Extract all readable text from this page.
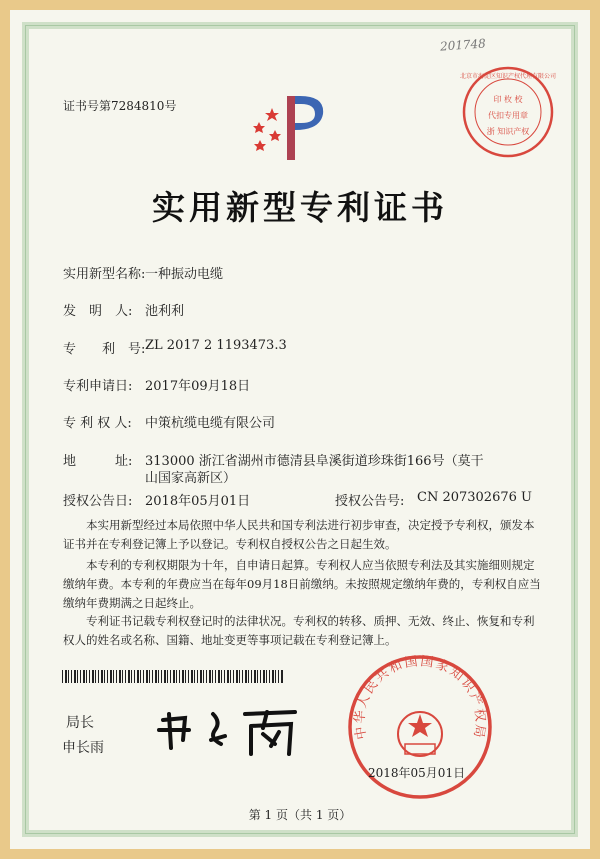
证书号第7284810号
201748
实用新型专利证书
实用新型名称: 一种振动电缆
发　明　人: 池利利
专　　利　号: ZL 2017 2 1193473.3
专利申请日: 2017年09月18日
专 利 权 人: 中策杭缆电缆有限公司
地　　　址: 313000 浙江省湖州市德清县阜溪街道珍珠街166号（莫干
山国家高新区）
授权公告日: 2018年05月01日	授权公告号: CN 207302676 U
本实用新型经过本局依照中华人民共和国专利法进行初步审查，决定授予专利权，颁发本证书并在专利登记簿上予以登记。专利权自授权公告之日起生效。
本专利的专利权期限为十年，自申请日起算。专利权人应当依照专利法及其实施细则规定缴纳年费。本专利的年费应当在每年09月18日前缴纳。未按照规定缴纳年费的，专利权自应当缴纳年费期满之日起终止。
专利证书记载专利权登记时的法律状况。专利权的转移、质押、无效、终止、恢复和专利权人的姓名或名称、国籍、地址变更等事项记载在专利登记簿上。
局长
申长雨
北京市海淀区知识产权代理有限公司
印 枚 校
代扣专用章
浙 知识产权
中华人民共和国国家知识产权局
2018年05月01日
第 1 页（共 1 页）
